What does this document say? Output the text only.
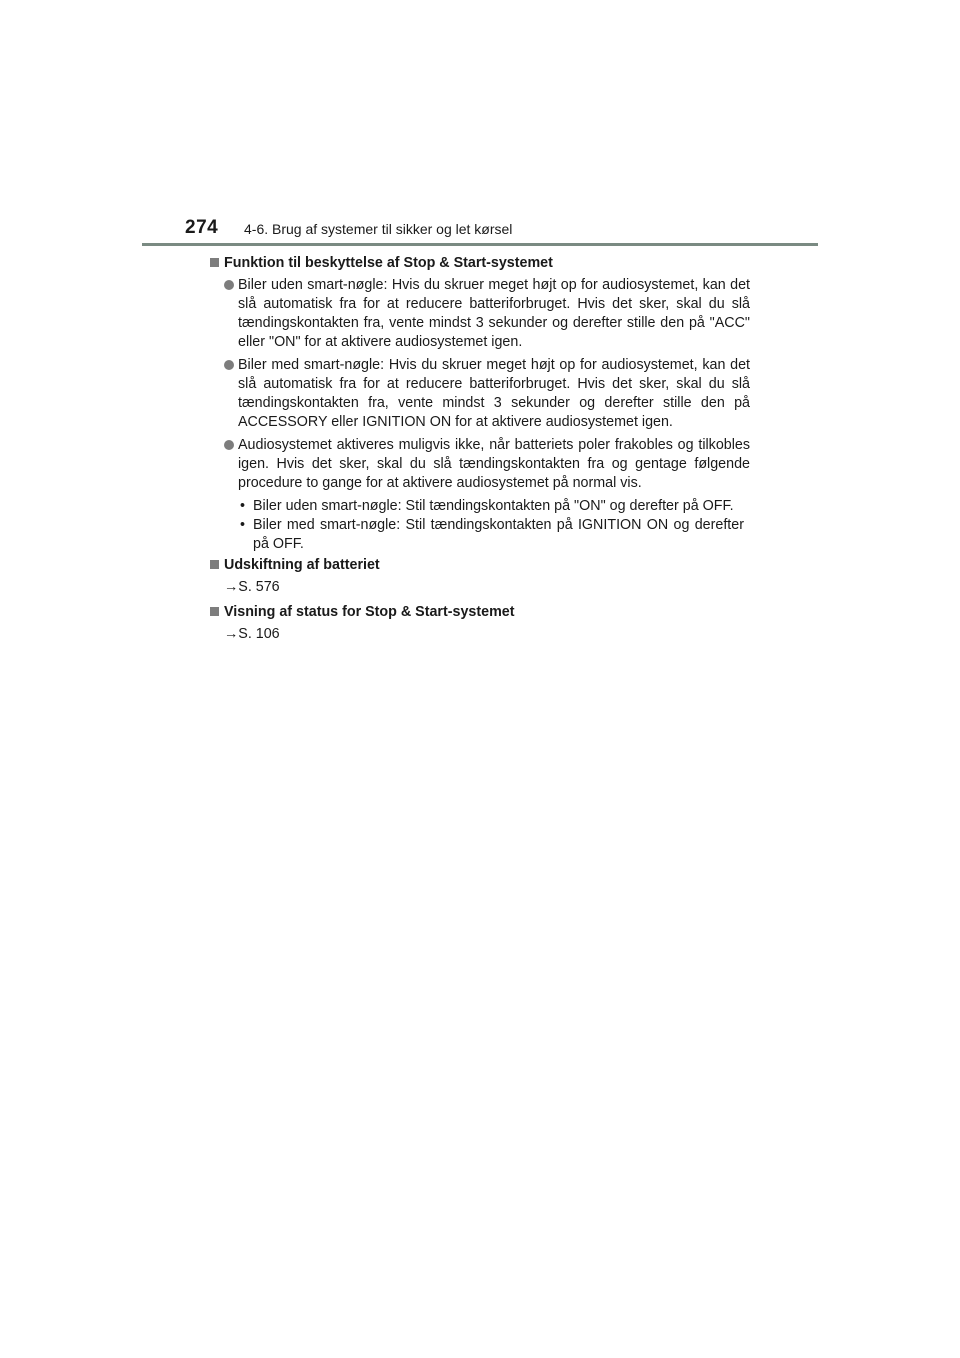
274 4-6. Brug af systemer til sikker og let kørsel
Funktion til beskyttelse af Stop & Start-systemet
Biler uden smart-nøgle: Hvis du skruer meget højt op for audiosystemet, kan det slå automatisk fra for at reducere batteriforbruget. Hvis det sker, skal du slå tændingskontakten fra, vente mindst 3 sekunder og derefter stille den på "ACC" eller "ON" for at aktivere audiosystemet igen.
Biler med smart-nøgle: Hvis du skruer meget højt op for audiosystemet, kan det slå automatisk fra for at reducere batteriforbruget. Hvis det sker, skal du slå tændingskontakten fra, vente mindst 3 sekunder og derefter stille den på ACCESSORY eller IGNITION ON for at aktivere audiosystemet igen.
Audiosystemet aktiveres muligvis ikke, når batteriets poler frakobles og tilkobles igen. Hvis det sker, skal du slå tændingskontakten fra og gentage følgende procedure to gange for at aktivere audiosystemet på normal vis.
• Biler uden smart-nøgle: Stil tændingskontakten på "ON" og derefter på OFF.
• Biler med smart-nøgle: Stil tændingskontakten på IGNITION ON og derefter på OFF.
Udskiftning af batteriet
→S. 576
Visning af status for Stop & Start-systemet
→S. 106
